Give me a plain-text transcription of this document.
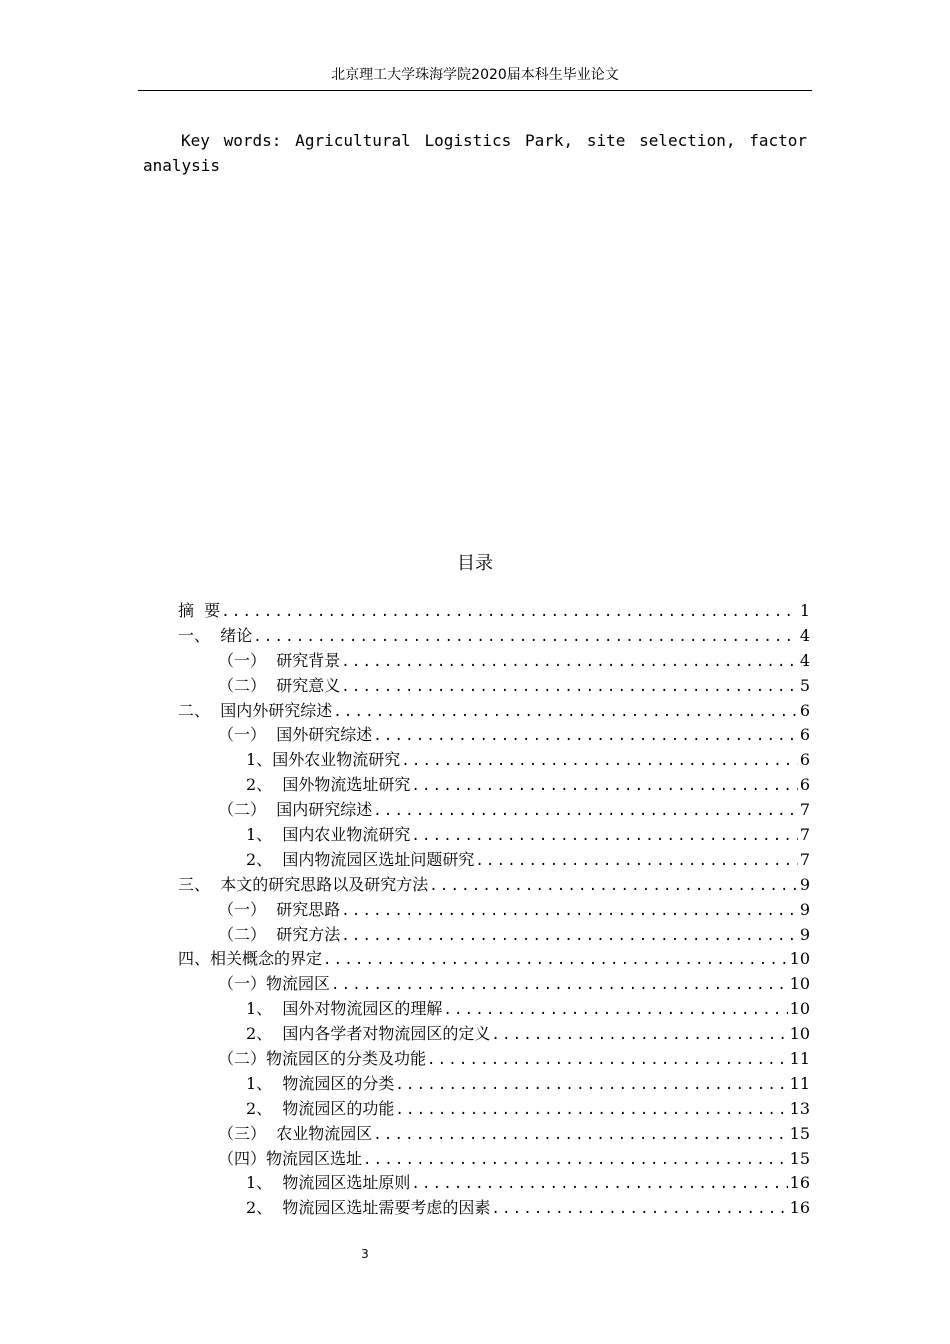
北京理工大学珠海学院2020届本科生毕业论文
Key words: Agricultural Logistics Park, site selection, factor analysis
目录
摘  要 .....	1
一、 绪论 .....	4
（一） 研究背景 .....	4
（二） 研究意义 .....	5
二、 国内外研究综述 .....	6
（一） 国外研究综述 .....	6
1、 国外农业物流研究 .....	6
2、 国外物流选址研究 .....	6
（二） 国内研究综述 .....	7
1、 国内农业物流研究 .....	7
2、 国内物流园区选址问题研究 .....	7
三、 本文的研究思路以及研究方法 .....	9
（一） 研究思路 .....	9
（二） 研究方法 .....	9
四、 相关概念的界定 .....	10
（一） 物流园区 .....	10
1、 国外对物流园区的理解 .....	10
2、 国内各学者对物流园区的定义 .....	10
（二） 物流园区的分类及功能 .....	11
1、 物流园区的分类 .....	11
2、 物流园区的功能 .....	13
（三） 农业物流园区 .....	15
（四） 物流园区选址 .....	15
1、 物流园区选址原则 .....	16
2、 物流园区选址需要考虑的因素 .....	16
3
